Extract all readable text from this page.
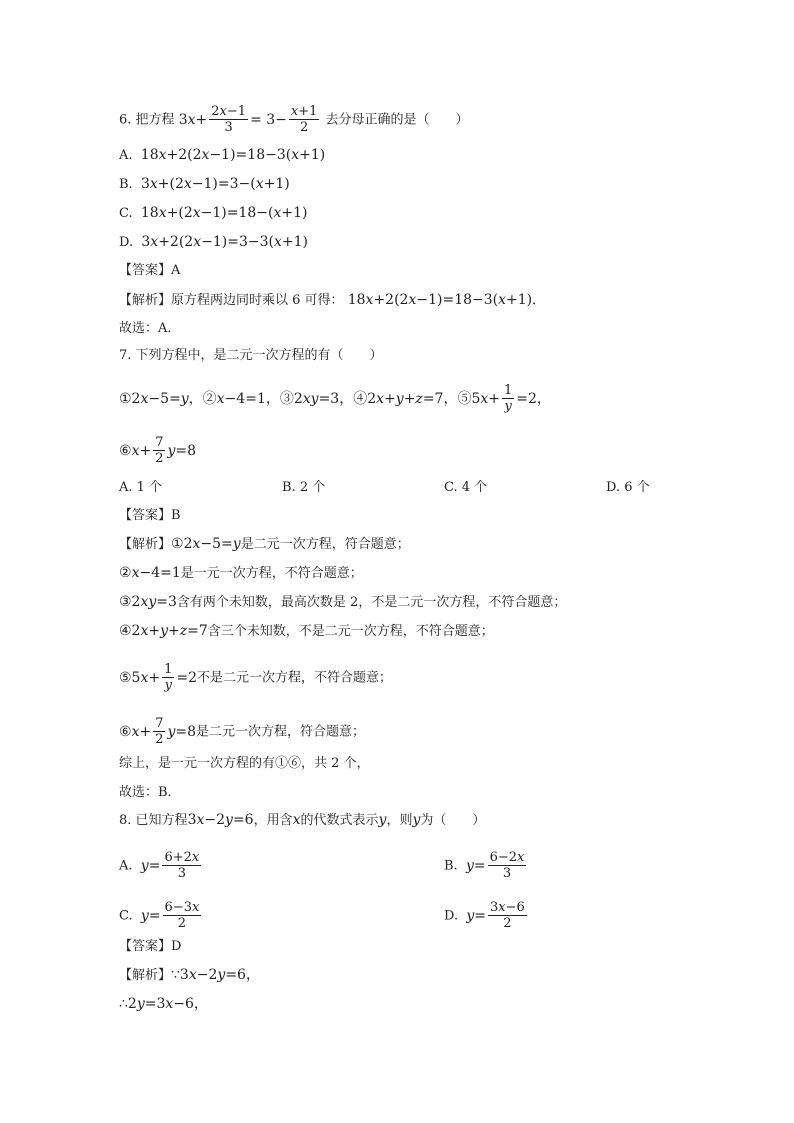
6. 把方程 $3x+ \frac{2x-1}{3} = 3- \frac{x+1}{2}$ 去分母正确的是（　　）
A. 18x+2(2x−1)=18−3(x+1)
B. 3x+(2x−1)=3−(x+1)
C. 18x+(2x−1)=18−(x+1)
D. 3x+2(2x−1)=3−3(x+1)
【答案】A
【解析】原方程两边同时乘以 6 可得： 18x+2(2x−1)=18−3(x+1)．
故选：A．
7. 下列方程中，是二元一次方程的有（　　）
①2x−5=y，②x−4=1，③2xy=3，④2x+y+z=7，⑤5x+ $\frac{1}{y} =2$，
⑥x+ $\frac{7}{2} y=8$
A. 1 个	B. 2 个	C. 4 个	D. 6 个
【答案】B
【解析】①2x−5=y是二元一次方程，符合题意；
②x−4=1是一元一次方程，不符合题意；
③2xy=3含有两个未知数，最高次数是 2，不是二元一次方程，不符合题意；
④2x+y+z=7含三个未知数，不是二元一次方程，不符合题意；
⑤5x+ $\frac{1}{y} =2$不是二元一次方程，不符合题意；
⑥x+ $\frac{7}{2} y=8$是二元一次方程，符合题意；
综上，是一元一次方程的有①⑥，共 2 个，
故选：B．
8. 已知方程3x−2y=6，用含x的代数式表示y，则y为（　　）
A. $y= \frac{6+2x}{3}$	B. $y= \frac{6-2x}{3}$
C. $y= \frac{6-3x}{2}$	D. $y= \frac{3x-6}{2}$
【答案】D
【解析】∵3x−2y=6，
∴2y=3x−6，
